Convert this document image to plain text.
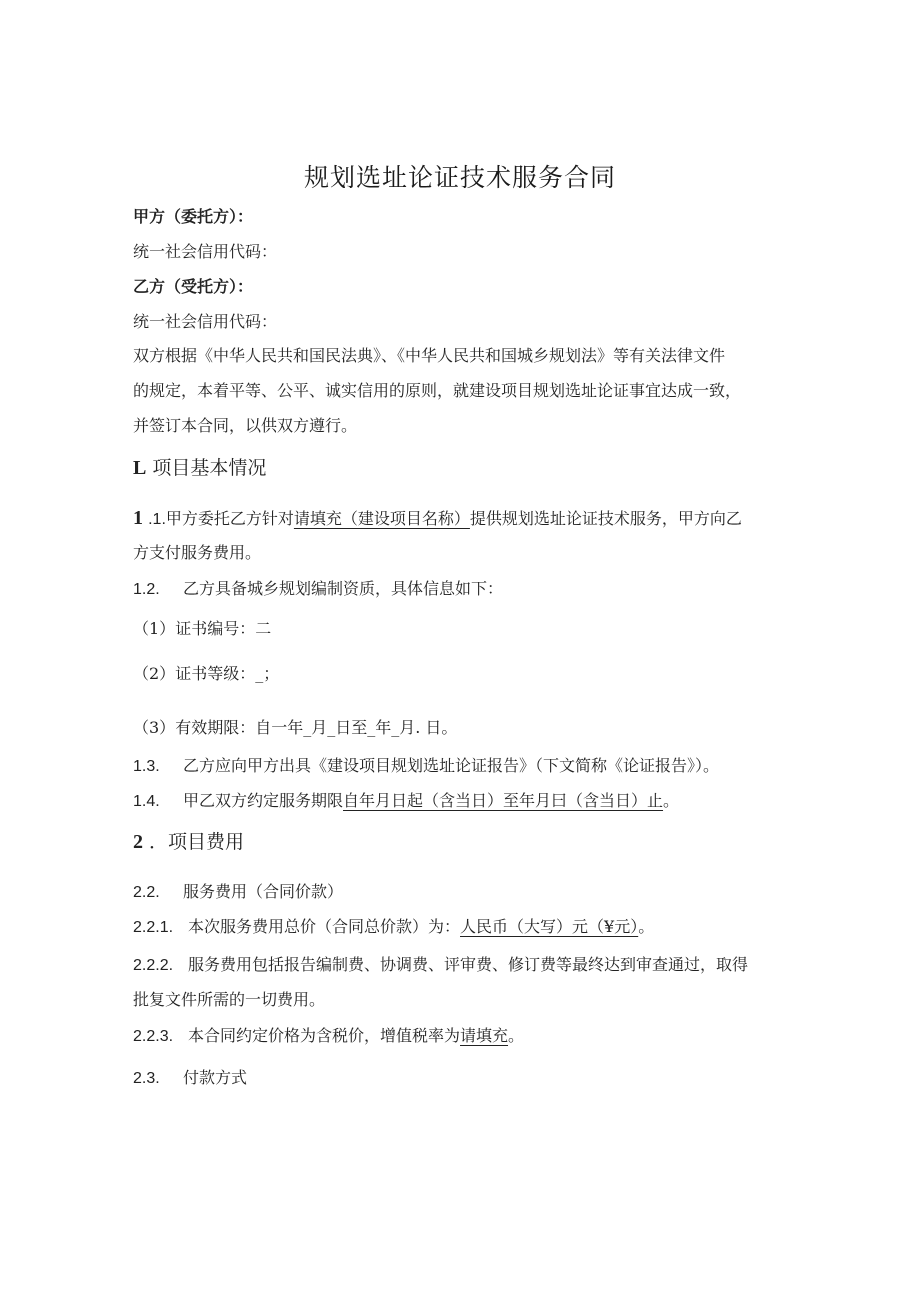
规划选址论证技术服务合同
甲方（委托方）：
统一社会信用代码：
乙方（受托方）：
统一社会信用代码：
双方根据《中华人民共和国民法典》、《中华人民共和国城乡规划法》等有关法律文件
的规定，本着平等、公平、诚实信用的原则，就建设项目规划选址论证事宜达成一致，
并签订本合同，以供双方遵行。
L 项目基本情况
1 .1.甲方委托乙方针对请填充（建设项目名称）提供规划选址论证技术服务，甲方向乙
方支付服务费用。
1.2. 乙方具备城乡规划编制资质，具体信息如下：
（1）证书编号：二
（2）证书等级：_；
（3）有效期限：自一年_月_日至_年_月. 日。
1.3. 乙方应向甲方出具《建设项目规划选址论证报告》（下文简称《论证报告》）。
1.4. 甲乙双方约定服务期限自年月日起（含当日）至年月曰（含当日）止。
2 ．项目费用
2.2. 服务费用（合同价款）
2.2.1. 本次服务费用总价（合同总价款）为：人民币（大写）元（¥元）。
2.2.2. 服务费用包括报告编制费、协调费、评审费、修订费等最终达到审查通过，取得
批复文件所需的一切费用。
2.2.3. 本合同约定价格为含税价，增值税率为请填充。
2.3. 付款方式
